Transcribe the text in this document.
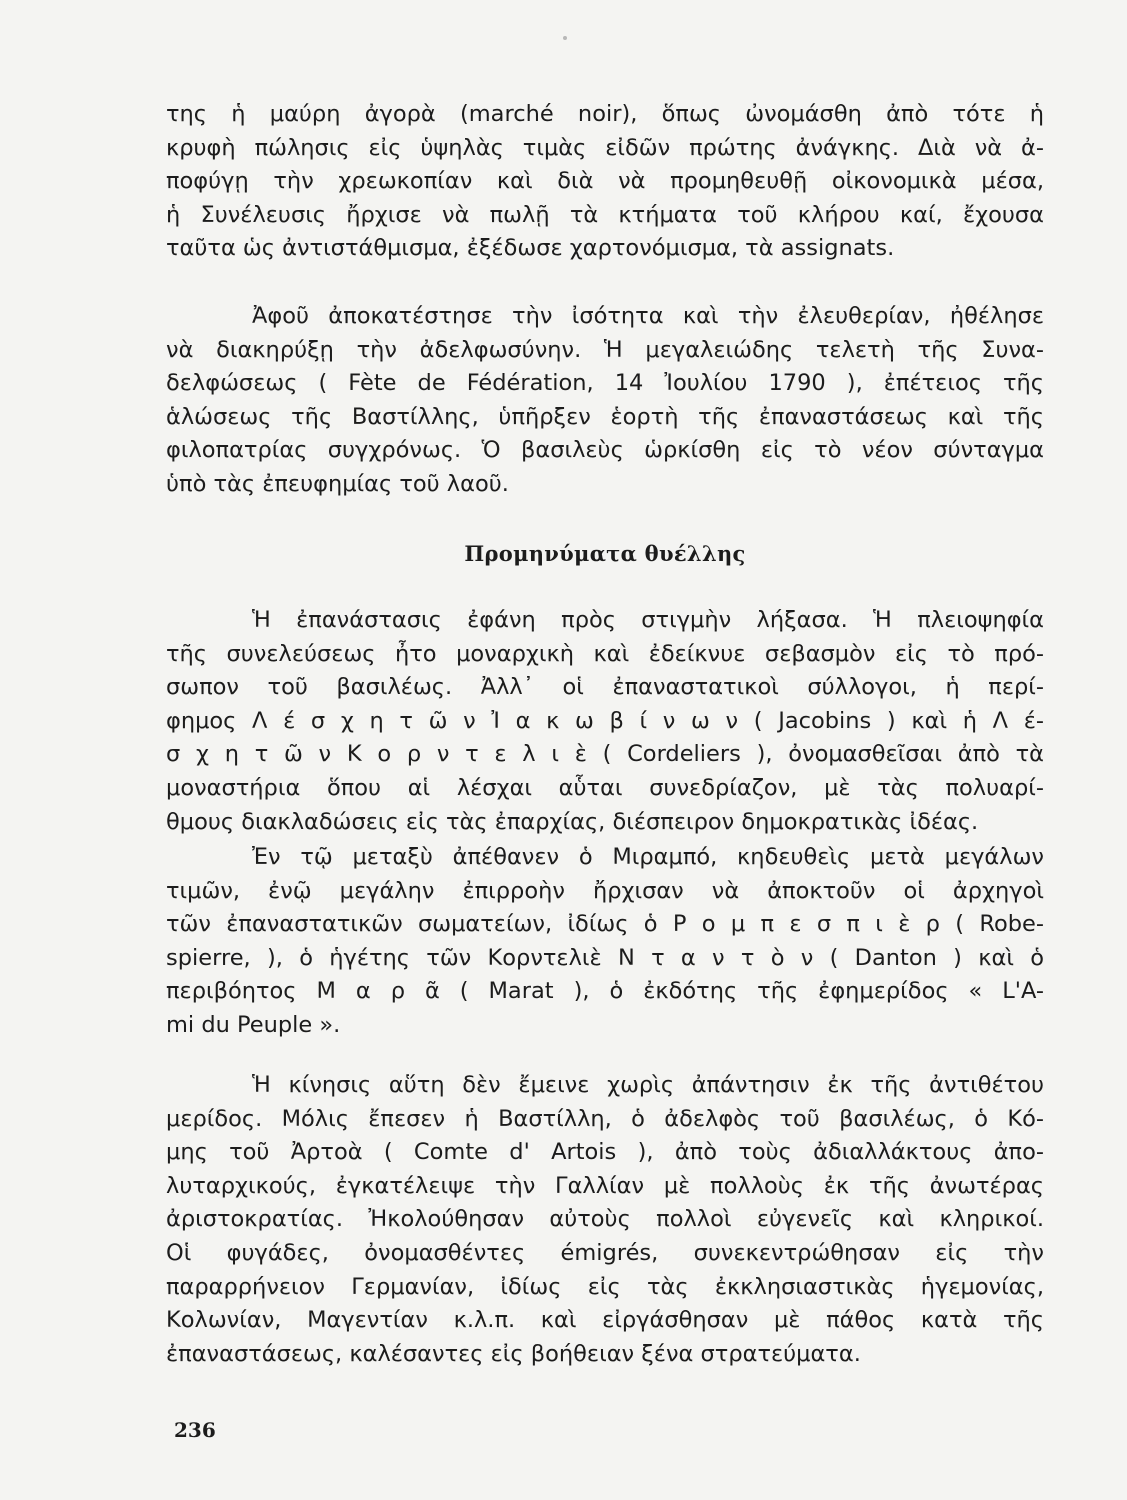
της ἡ μαύρη ἀγορὰ (marché noir), ὅπως ὠνομάσθη ἀπὸ τότε ἡ
κρυφὴ πώλησις εἰς ὑψηλὰς τιμὰς εἰδῶν πρώτης ἀνάγκης. Διὰ νὰ ἀ-
ποφύγῃ τὴν χρεωκοπίαν καὶ διὰ νὰ προμηθευθῇ οἰκονομικὰ μέσα,
ἡ Συνέλευσις ἤρχισε νὰ πωλῇ τὰ κτήματα τοῦ κλήρου καί, ἔχουσα
ταῦτα ὡς ἀντιστάθμισμα, ἐξέδωσε χαρτονόμισμα, τὰ assignats.
Ἀφοῦ ἀποκατέστησε τὴν ἰσότητα καὶ τὴν ἐλευθερίαν, ἠθέλησε
νὰ διακηρύξῃ τὴν ἀδελφωσύνην. Ἡ μεγαλειώδης τελετὴ τῆς Συνα-
δελφώσεως ( Fète de Fédération, 14 Ἰουλίου 1790 ), ἐπέτειος τῆς
ἁλώσεως τῆς Βαστίλλης, ὑπῆρξεν ἑορτὴ τῆς ἐπαναστάσεως καὶ τῆς
φιλοπατρίας συγχρόνως. Ὁ βασιλεὺς ὡρκίσθη εἰς τὸ νέον σύνταγμα
ὑπὸ τὰς ἐπευφημίας τοῦ λαοῦ.
Προμηνύματα θυέλλης
Ἡ ἐπανάστασις ἐφάνη πρὸς στιγμὴν λήξασα. Ἡ πλειοψηφία
τῆς συνελεύσεως ἦτο μοναρχικὴ καὶ ἐδείκνυε σεβασμὸν εἰς τὸ πρό-
σωπον τοῦ βασιλέως. Ἀλλ᾿ οἱ ἐπαναστατικοὶ σύλλογοι, ἡ περί-
φημος Λ έ σ χ η τ ῶ ν Ἰ α κ ω β ί ν ω ν ( Jacobins ) καὶ ἡ Λ έ-
σ χ η τ ῶ ν Κ ο ρ ν τ ε λ ι ὲ ( Cordeliers ), ὀνομασθεῖσαι ἀπὸ τὰ
μοναστήρια ὅπου αἱ λέσχαι αὗται συνεδρίαζον, μὲ τὰς πολυαρί-
θμους διακλαδώσεις εἰς τὰς ἐπαρχίας, διέσπειρον δημοκρατικὰς ἰδέας.
Ἐν τῷ μεταξὺ ἀπέθανεν ὁ Μιραμπό, κηδευθεὶς μετὰ μεγάλων
τιμῶν, ἐνῷ μεγάλην ἐπιρροὴν ἤρχισαν νὰ ἀποκτοῦν οἱ ἀρχηγοὶ
τῶν ἐπαναστατικῶν σωματείων, ἰδίως ὁ Ρ ο μ π ε σ π ι ὲ ρ ( Robe-
spierre, ), ὁ ἡγέτης τῶν Κορντελιὲ Ν τ α ν τ ὸ ν ( Danton ) καὶ ὁ
περιβόητος Μ α ρ ᾶ ( Marat ), ὁ ἐκδότης τῆς ἐφημερίδος « L'A-
mi du Peuple ».
Ἡ κίνησις αὕτη δὲν ἔμεινε χωρὶς ἀπάντησιν ἐκ τῆς ἀντιθέτου
μερίδος. Μόλις ἔπεσεν ἡ Βαστίλλη, ὁ ἀδελφὸς τοῦ βασιλέως, ὁ Κό-
μης τοῦ Ἀρτοὰ ( Comte d' Artois ), ἀπὸ τοὺς ἀδιαλλάκτους ἀπο-
λυταρχικούς, ἐγκατέλειψε τὴν Γαλλίαν μὲ πολλοὺς ἐκ τῆς ἀνωτέρας
ἀριστοκρατίας. Ἠκολούθησαν αὐτοὺς πολλοὶ εὐγενεῖς καὶ κληρικοί.
Οἱ φυγάδες, ὀνομασθέντες émigrés, συνεκεντρώθησαν εἰς τὴν
παραρρήνειον Γερμανίαν, ἰδίως εἰς τὰς ἐκκλησιαστικὰς ἡγεμονίας,
Κολωνίαν, Μαγεντίαν κ.λ.π. καὶ εἰργάσθησαν μὲ πάθος κατὰ τῆς
ἐπαναστάσεως, καλέσαντες εἰς βοήθειαν ξένα στρατεύματα.
236
